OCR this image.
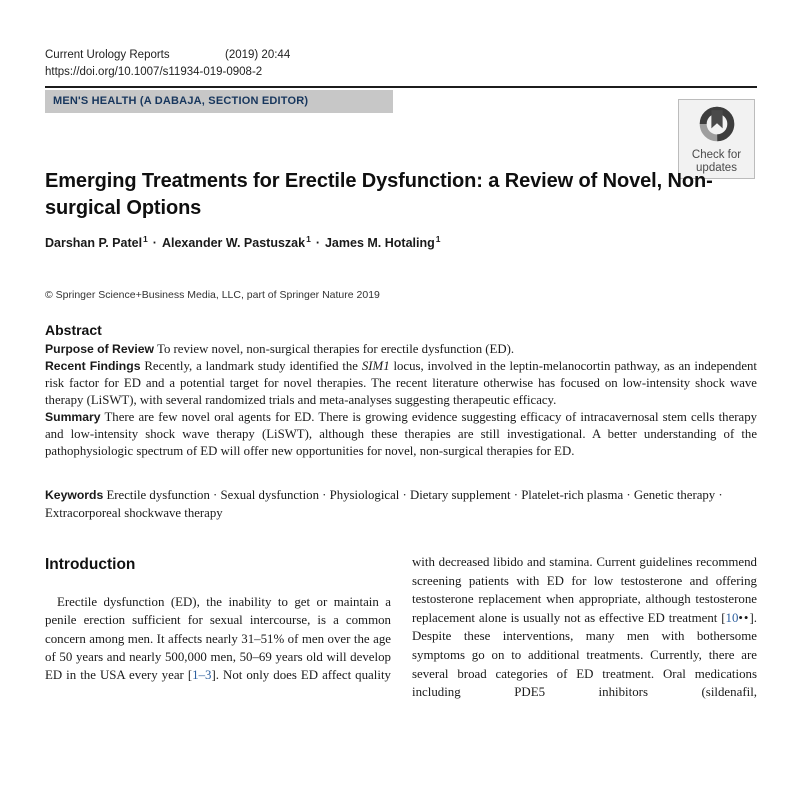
Current Urology Reports	(2019) 20:44
https://doi.org/10.1007/s11934-019-0908-2
MEN'S HEALTH (A DABAJA, SECTION EDITOR)
Check for
updates
Emerging Treatments for Erectile Dysfunction: a Review of Novel, Non-surgical Options
Darshan P. Patel$^1$ · Alexander W. Pastuszak$^1$ · James M. Hotaling$^1$
© Springer Science+Business Media, LLC, part of Springer Nature 2019
Abstract

Purpose of Review To review novel, non-surgical therapies for erectile dysfunction (ED).

Recent Findings Recently, a landmark study identified the SIM1 locus, involved in the leptin-melanocortin pathway, as an independent risk factor for ED and a potential target for novel therapies. The recent literature otherwise has focused on low-intensity shock wave therapy (LiSWT), with several randomized trials and meta-analyses suggesting therapeutic efficacy.

Summary There are few novel oral agents for ED. There is growing evidence suggesting efficacy of intracavernosal stem cells therapy and low-intensity shock wave therapy (LiSWT), although these therapies are still investigational. A better understanding of the pathophysiologic spectrum of ED will offer new opportunities for novel, non-surgical therapies for ED.

Keywords Erectile dysfunction · Sexual dysfunction · Physiological · Dietary supplement · Platelet-rich plasma · Genetic therapy · Extracorporeal shockwave therapy
Introduction

Erectile dysfunction (ED), the inability to get or maintain a penile erection sufficient for sexual intercourse, is a common concern among men. It affects nearly 31–51% of men over the age of 50 years and nearly 500,000 men, 50–69 years old will develop ED in the USA every year [1–3]. Not only does ED affect quality

with decreased libido and stamina. Current guidelines recommend screening patients with ED for low testosterone and offering testosterone replacement when appropriate, although testosterone replacement alone is usually not as effective ED treatment [10••]. Despite these interventions, many men with bothersome symptoms go on to additional treatments. Currently, there are several broad categories of ED treatment. Oral medications including PDE5 inhibitors (sildenafil,
